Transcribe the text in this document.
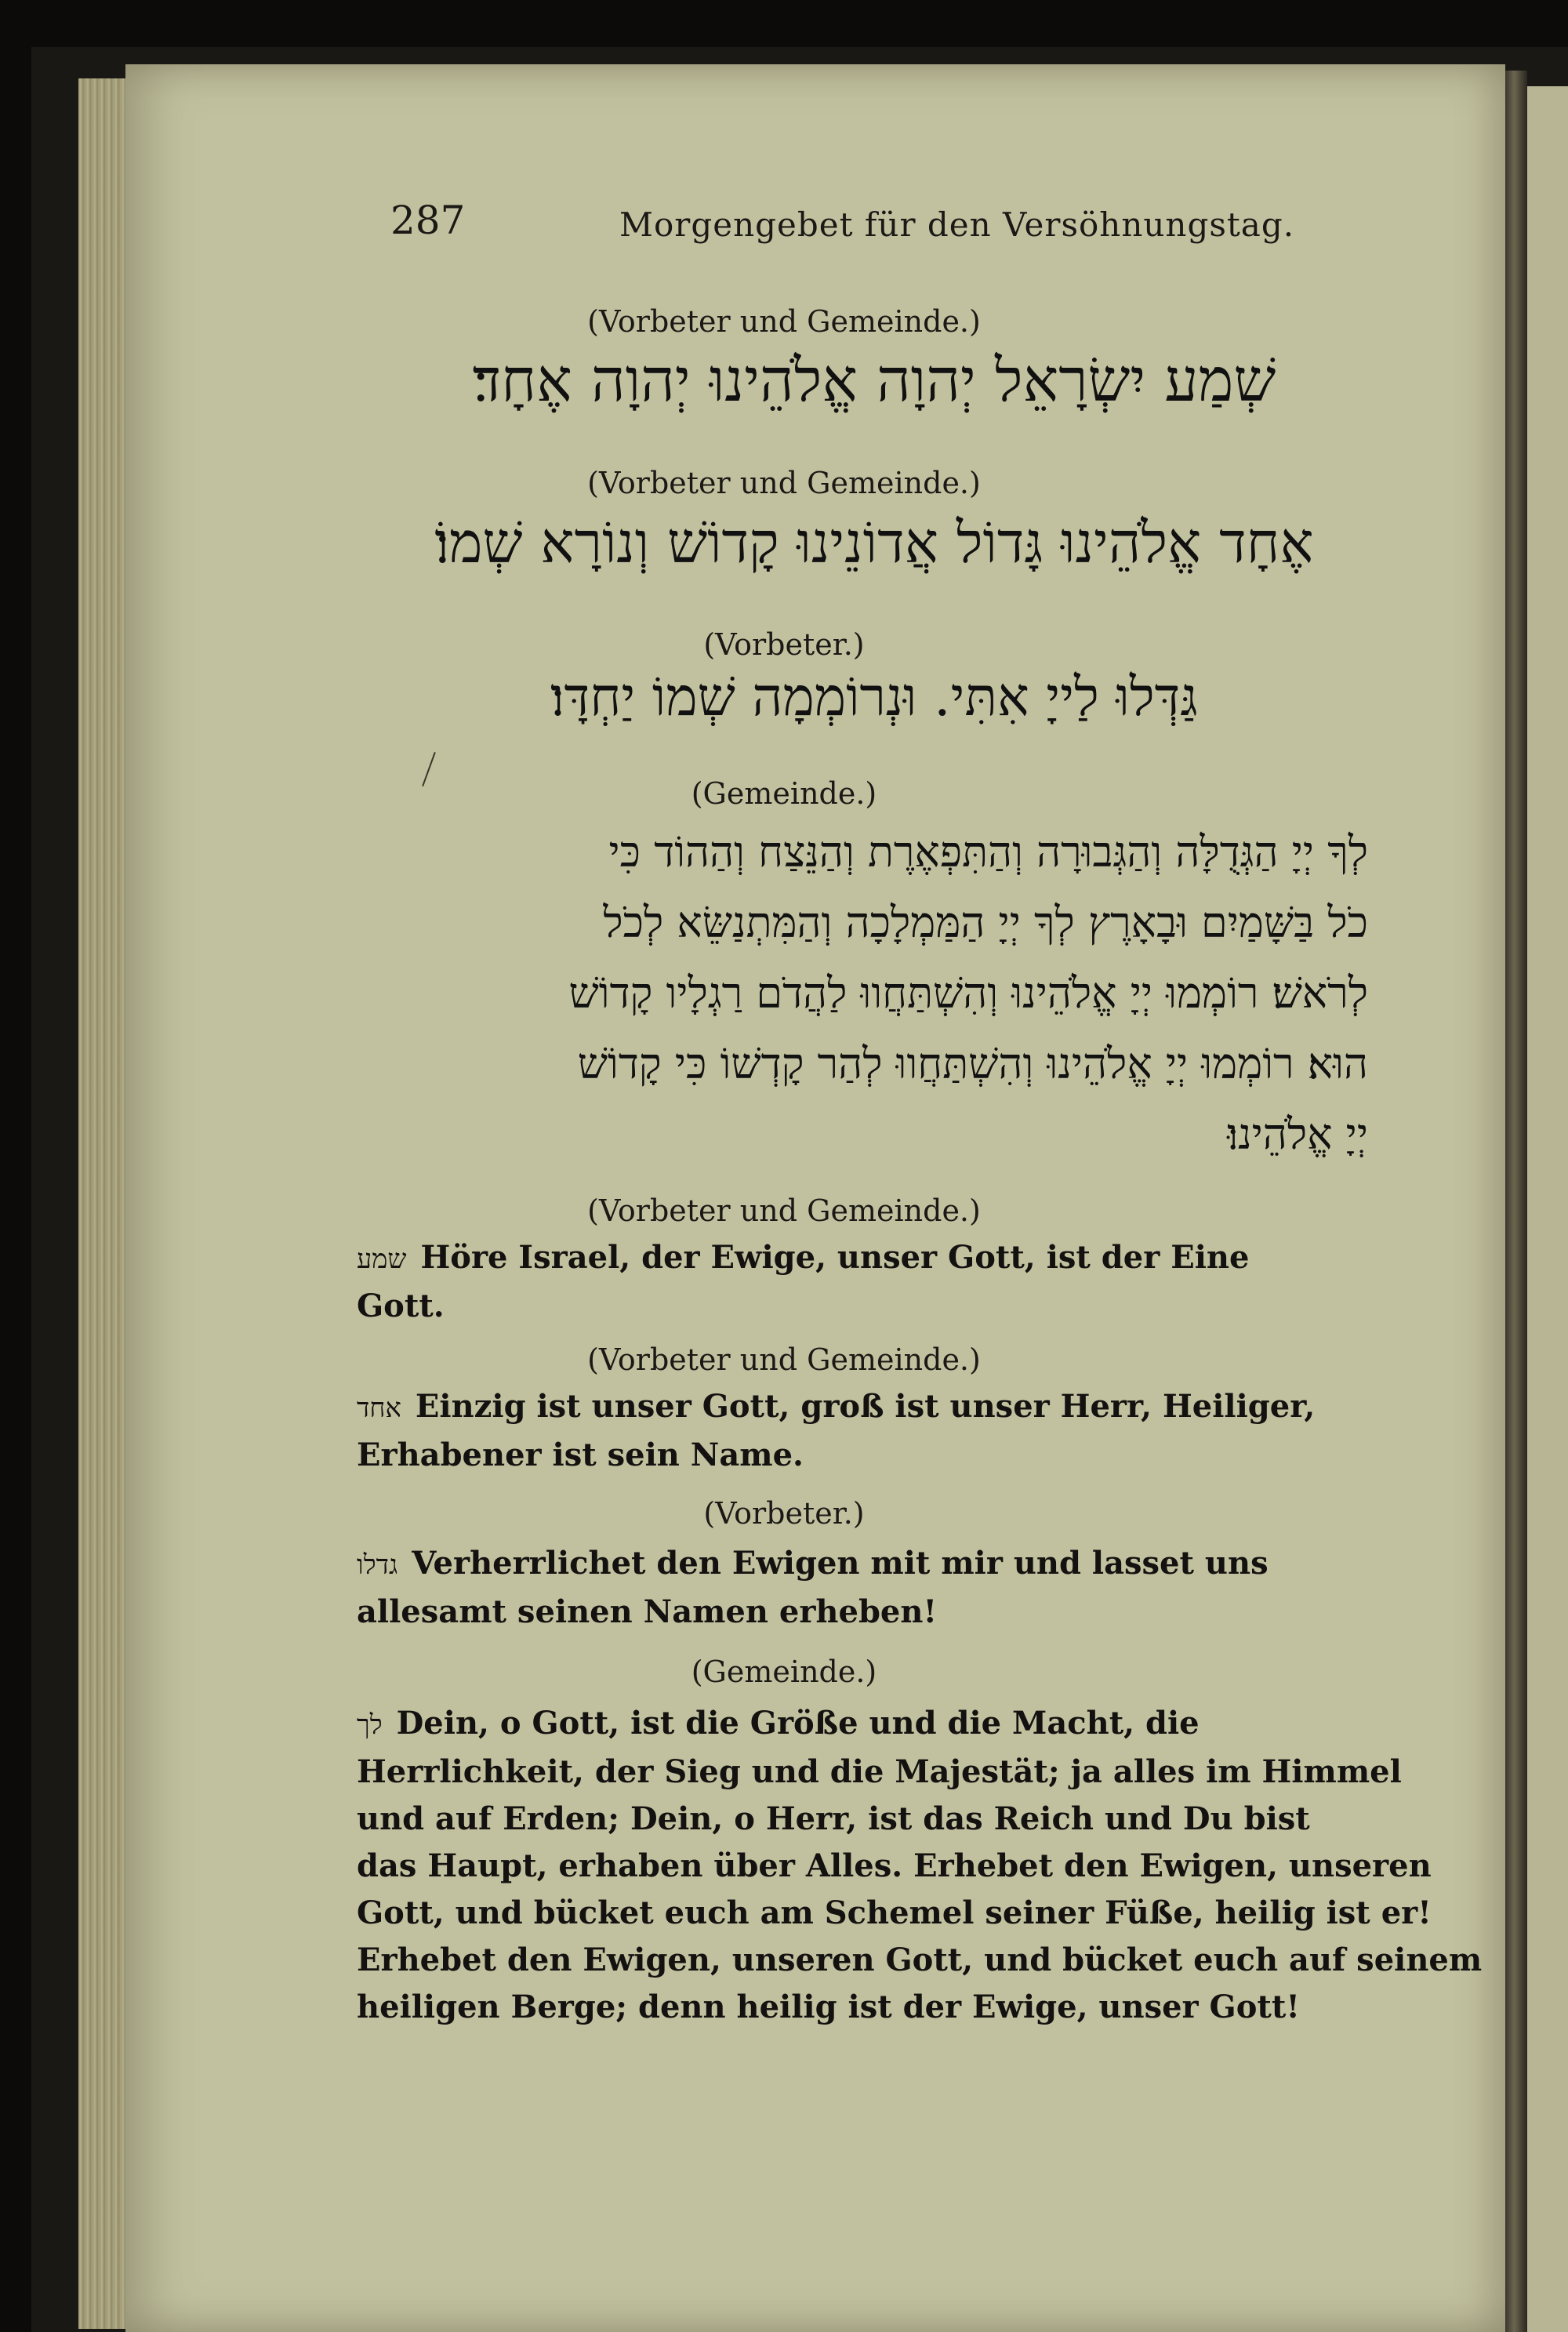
287	Morgengebet für den Versöhnungstag.
(Vorbeter und Gemeinde.)
שְׁמַע יִשְׂרָאֵל יְהוָה אֱלֹהֵינוּ יְהוָה אֶחָד׃
(Vorbeter und Gemeinde.)
אֶחָד אֱלֹהֵינוּ גָּדוֹל אֲדוֹנֵינוּ קָדוֹשׁ וְנוֹרָא שְׁמוֹ׃
(Vorbeter.)
גַּדְּלוּ לַייָ אִתִּי. וּנְרוֹמְמָה שְׁמוֹ יַחְדָּו׃
(Gemeinde.)
לְךָ יְיָ הַגְּדֻלָּה וְהַגְּבוּרָה וְהַתִּפְאֶרֶת וְהַנֵּצַח וְהַהוֹד כִּי
כֹל בַּשָּׁמַיִם וּבָאָרֶץ לְךָ יְיָ הַמַּמְלָכָה וְהַמִּתְנַשֵּׂא לְכֹל
לְרֹאשׁ׃ רוֹמְמוּ יְיָ אֱלֹהֵינוּ וְהִשְׁתַּחֲווּ לַהֲדֹם רַגְלָיו קָדוֹשׁ
הוּא׃ רוֹמְמוּ יְיָ אֱלֹהֵינוּ וְהִשְׁתַּחֲווּ לְהַר קָדְשׁוֹ כִּי קָדוֹשׁ
יְיָ אֱלֹהֵינוּ׃
(Vorbeter und Gemeinde.)
שמע Höre Israel, der Ewige, unser Gott, ist der Eine
Gott.
(Vorbeter und Gemeinde.)
אחד Einzig ist unser Gott, groß ist unser Herr, Heiliger,
Erhabener ist sein Name.
(Vorbeter.)
גדלו Verherrlichet den Ewigen mit mir und lasset uns
allesamt seinen Namen erheben!
(Gemeinde.)
לך Dein, o Gott, ist die Größe und die Macht, die
Herrlichkeit, der Sieg und die Majestät; ja alles im Himmel
und auf Erden; Dein, o Herr, ist das Reich und Du bist
das Haupt, erhaben über Alles. Erhebet den Ewigen, unseren
Gott, und bücket euch am Schemel seiner Füße, heilig ist er!
Erhebet den Ewigen, unseren Gott, und bücket euch auf seinem
heiligen Berge; denn heilig ist der Ewige, unser Gott!
